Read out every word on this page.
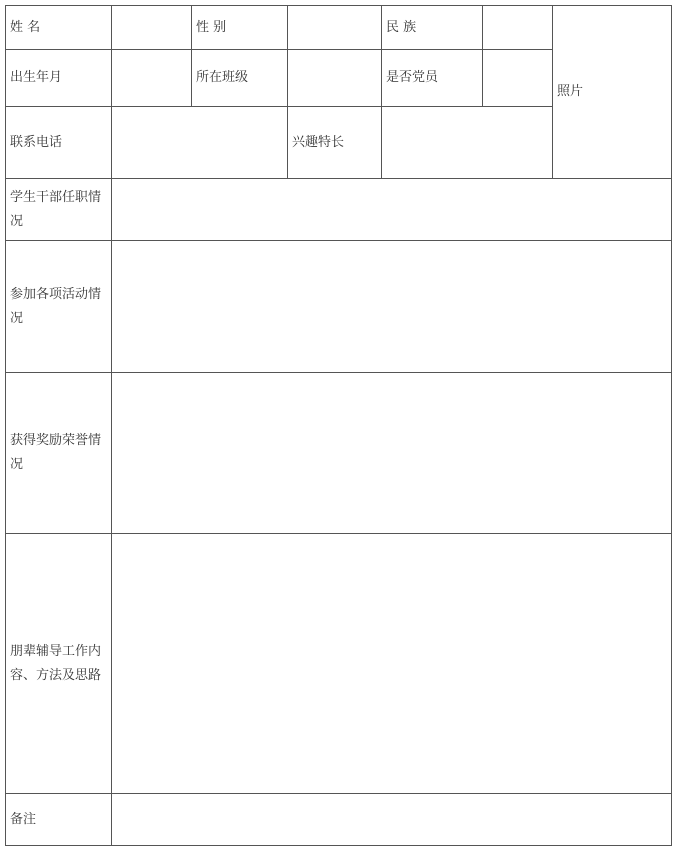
姓 名		性 别		民 族		照片
出生年月		所在班级		是否党员		
联系电话			兴趣特长			
学生干部任职情况						
参加各项活动情况						
获得奖励荣誉情况						
朋辈辅导工作内容、方法及思路						
备注						
